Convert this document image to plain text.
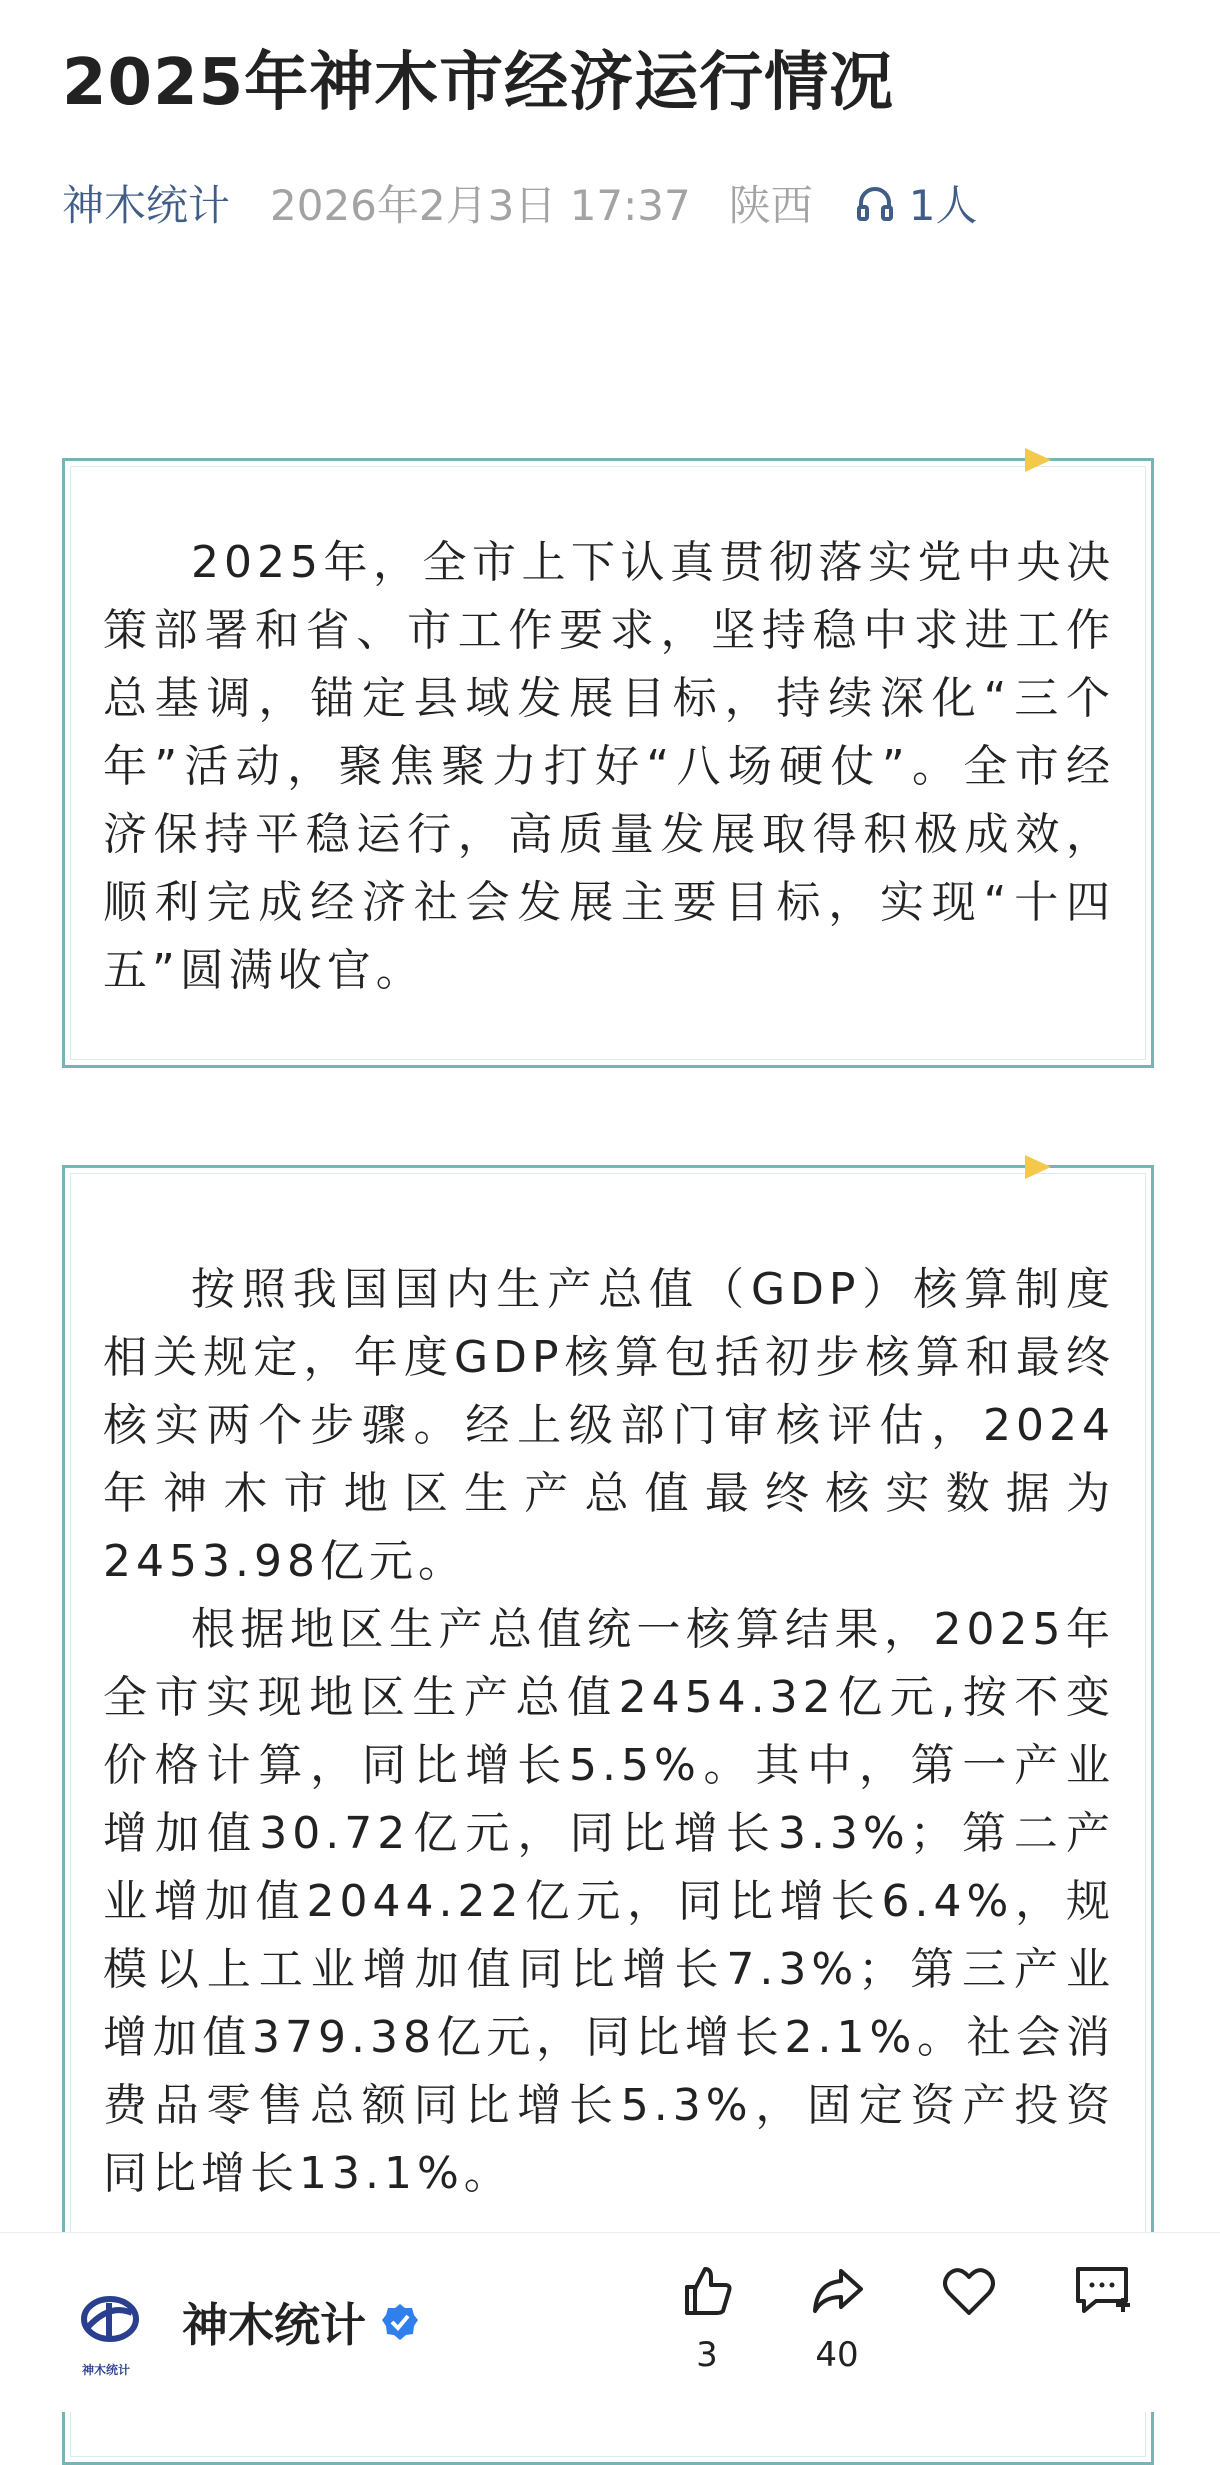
2025年神木市经济运行情况
神木统计 2026年2月3日 17:37 陕西 1人

2025年，全市上下认真贯彻落实党中央决策部署和省、市工作要求，坚持稳中求进工作总基调，锚定县域发展目标，持续深化“三个年”活动，聚焦聚力打好“八场硬仗”。全市经济保持平稳运行，高质量发展取得积极成效，顺利完成经济社会发展主要目标，实现“十四五”圆满收官。

按照我国国内生产总值（GDP）核算制度相关规定，年度GDP核算包括初步核算和最终核实两个步骤。经上级部门审核评估，2024年神木市地区生产总值最终核实数据为2453.98亿元。

根据地区生产总值统一核算结果，2025年全市实现地区生产总值2454.32亿元,按不变价格计算，同比增长5.5%。其中，第一产业增加值30.72亿元，同比增长3.3%；第二产业增加值2044.22亿元，同比增长6.4%，规模以上工业增加值同比增长7.3%；第三产业增加值379.38亿元，同比增长2.1%。社会消费品零售总额同比增长5.3%，固定资产投资同比增长13.1%。

神木统计
神木统计
3	40
